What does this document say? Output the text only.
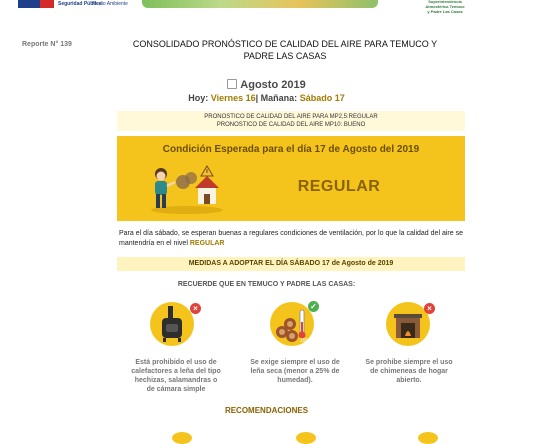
Seguridad Pública
Medio Ambiente	Superintendencia Atmosférica Temuco y Padre Las Casas
Reporte N° 139	CONSOLIDADO PRONÓSTICO DE CALIDAD DEL AIRE PARA TEMUCO Y PADRE LAS CASAS
Agosto 2019
Hoy: Viernes 16| Mañana: Sábado 17
PRONOSTICO DE CALIDAD DEL AIRE PARA MP2,5:REGULAR
PRONOSTICO DE CALIDAD DEL AIRE MP10: BUENO
Condición Esperada para el día 17 de Agosto del 2019
REGULAR
Para el día sábado, se esperan buenas a regulares condiciones de ventilación, por lo que la calidad del aire se mantendría en el nivel REGULAR
MEDIDAS A ADOPTAR EL DÍA SÁBADO 17 de Agosto de 2019
RECUERDE QUE EN TEMUCO Y PADRE LAS CASAS:
×
Está prohibido el uso de calefactores a leña del tipo hechizas, salamandras o de cámara simple
25%
✓
Se exige siempre el uso de leña seca (menor a 25% de humedad).
×
Se prohibe siempre el uso de chimeneas de hogar abierto.
RECOMENDACIONES
